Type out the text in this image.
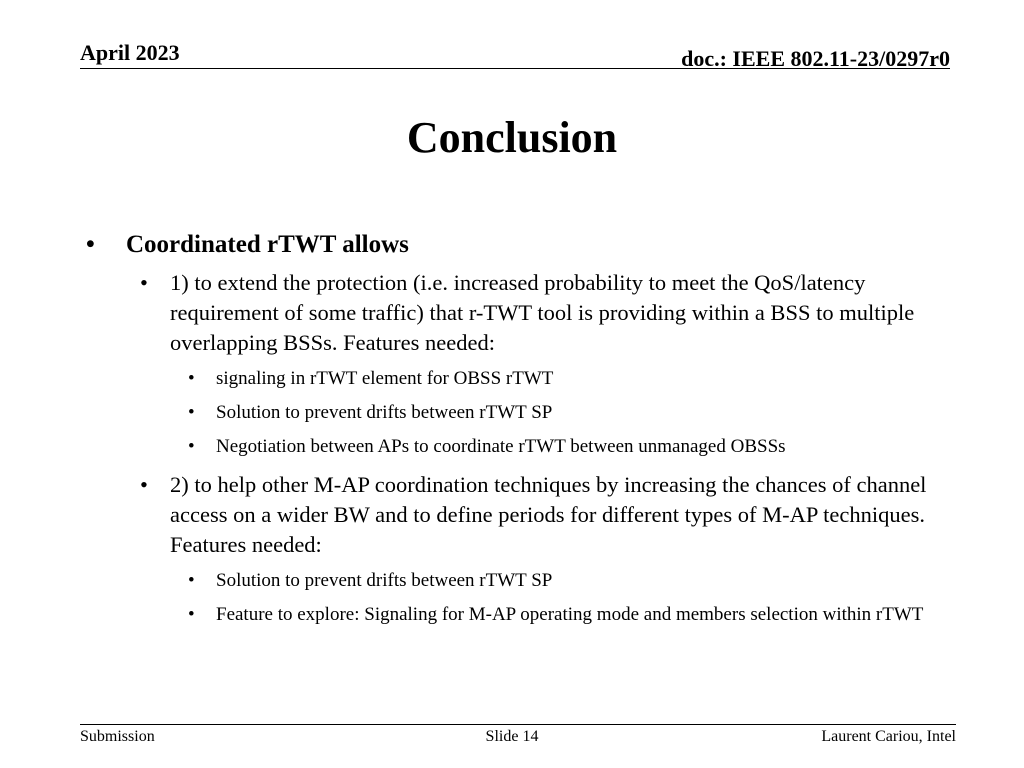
April 2023	doc.: IEEE 802.11-23/0297r0
Conclusion
• Coordinated rTWT allows
• 1) to extend the protection (i.e. increased probability to meet the QoS/latency requirement of some traffic) that r-TWT tool is providing within a BSS to multiple overlapping BSSs. Features needed:
• signaling in rTWT element for OBSS rTWT
• Solution to prevent drifts between rTWT SP
• Negotiation between APs to coordinate rTWT between unmanaged OBSSs
• 2) to help other M-AP coordination techniques by increasing the chances of channel access on a wider BW and to define periods for different types of M-AP techniques. Features needed:
• Solution to prevent drifts between rTWT SP
• Feature to explore: Signaling for M-AP operating mode and members selection within rTWT
Submission	Slide 14	Laurent Cariou, Intel
